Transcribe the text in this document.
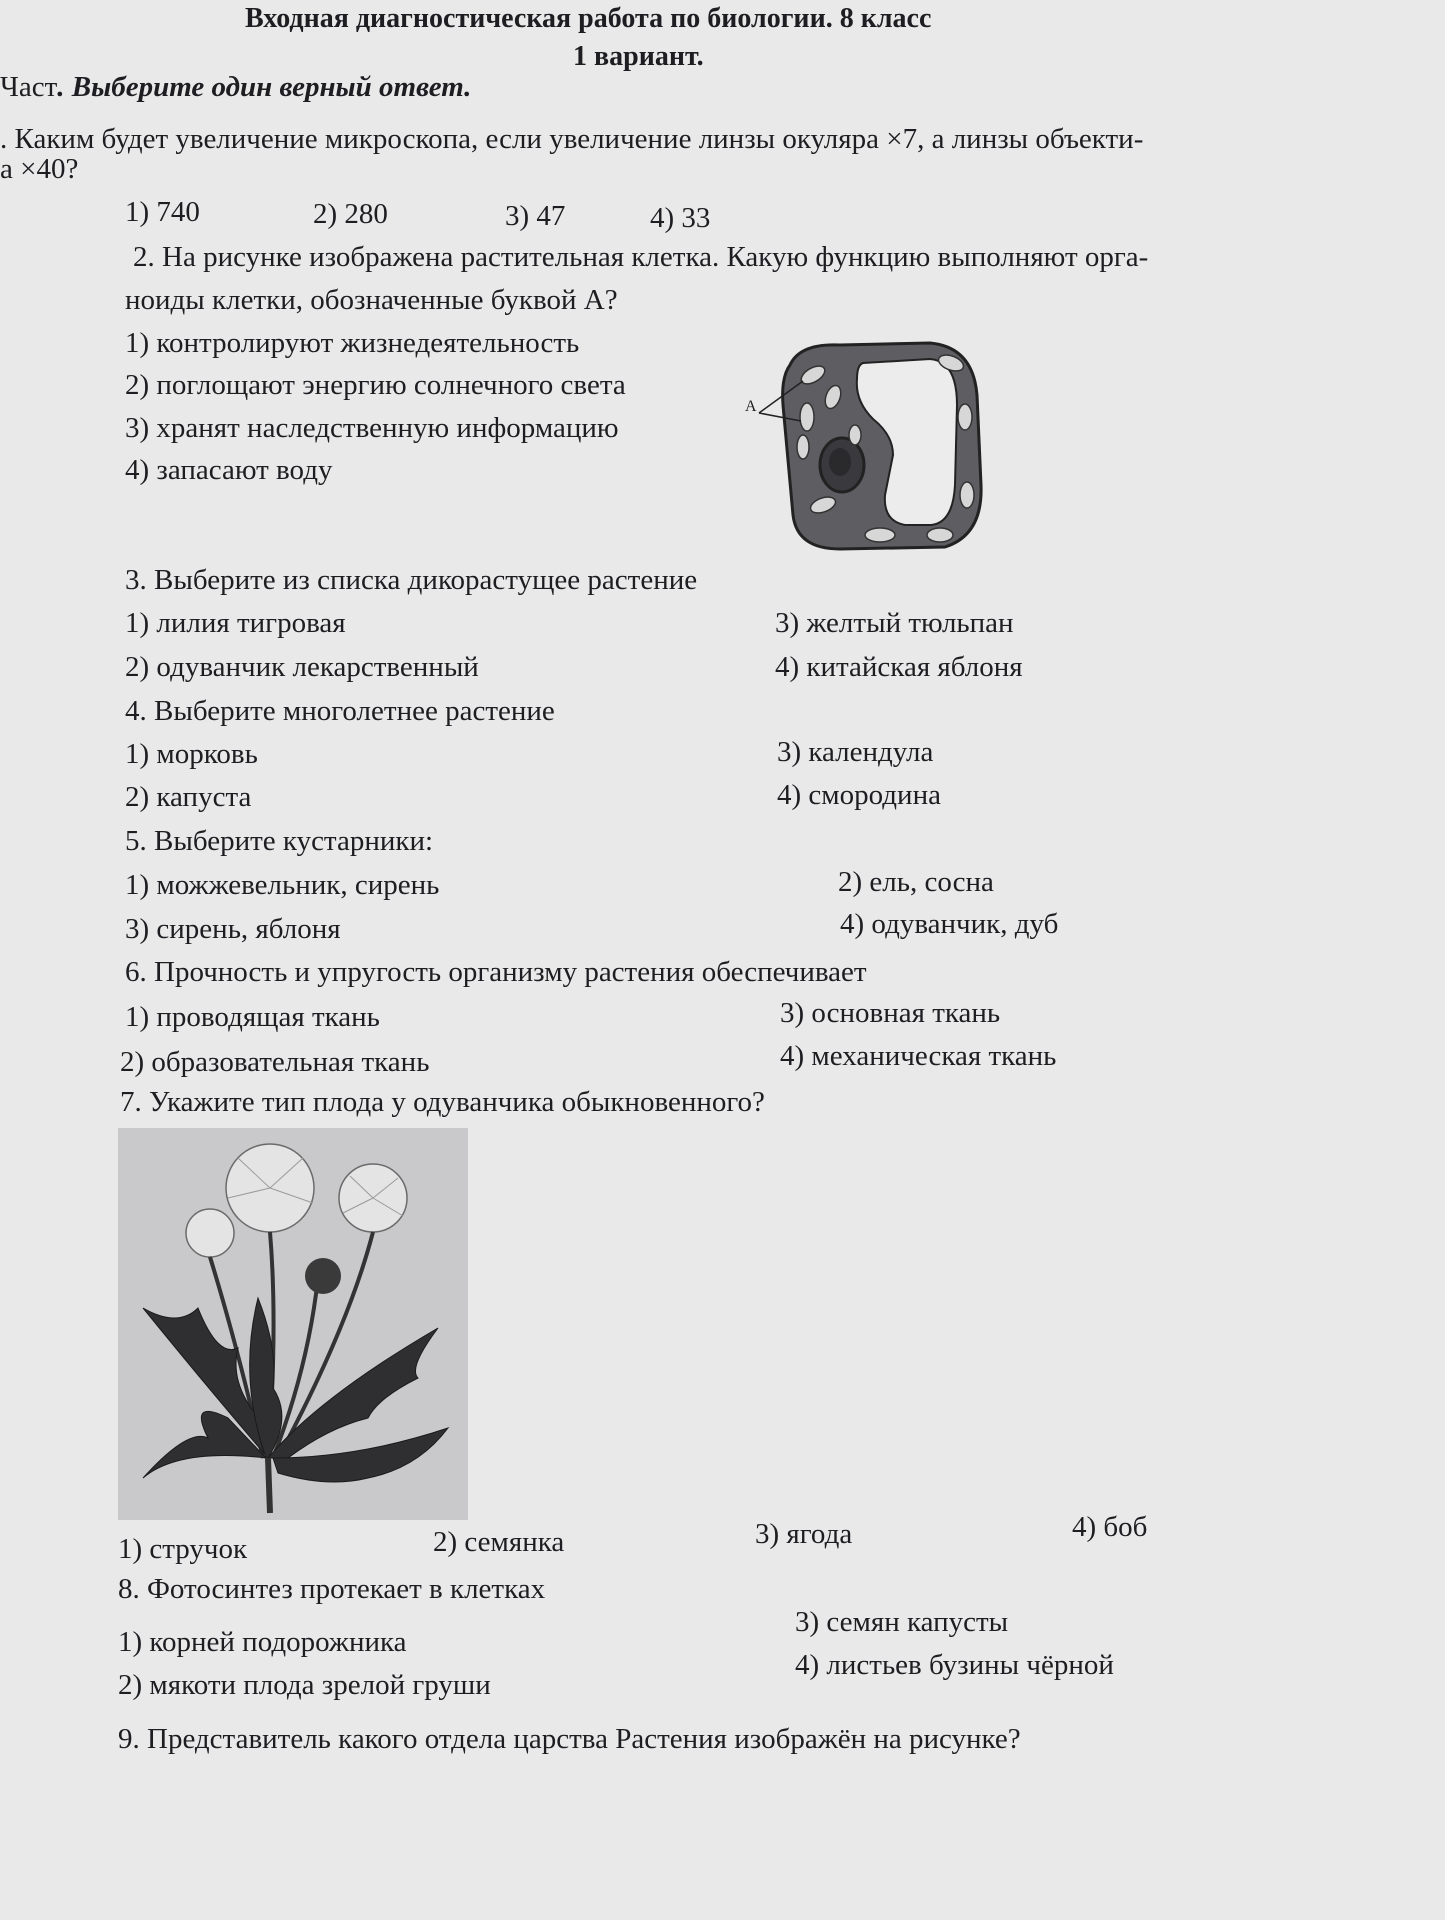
Входная диагностическая работа по биологии. 8 класс
1 вариант.
Част. Выберите один верный ответ.
. Каким будет увеличение микроскопа, если увеличение линзы окуляра ×7, а линзы объекти-
а ×40?
1) 740	2) 280	3) 47	4) 33
2. На рисунке изображена растительная клетка. Какую функцию выполняют орга-
ноиды клетки, обозначенные буквой А?
1) контролируют жизнедеятельность
2) поглощают энергию солнечного света
3) хранят наследственную информацию
4) запасают воду
А
3. Выберите из списка дикорастущее растение
1) лилия тигровая
2) одуванчик лекарственный
3) желтый тюльпан
4) китайская яблоня
4. Выберите многолетнее растение
1) морковь
2) капуста
3) календула
4) смородина
5. Выберите кустарники:
1) можжевельник, сирень
3) сирень, яблоня
2) ель, сосна
4) одуванчик, дуб
6. Прочность и упругость организму растения обеспечивает
1) проводящая ткань
2) образовательная ткань
3) основная ткань
4) механическая ткань
7. Укажите тип плода у одуванчика обыкновенного?
1) стручок	2) семянка	3) ягода	4) боб
8. Фотосинтез протекает в клетках
1) корней подорожника
2) мякоти плода зрелой груши
3) семян капусты
4) листьев бузины чёрной
9. Представитель какого отдела царства Растения изображён на рисунке?
